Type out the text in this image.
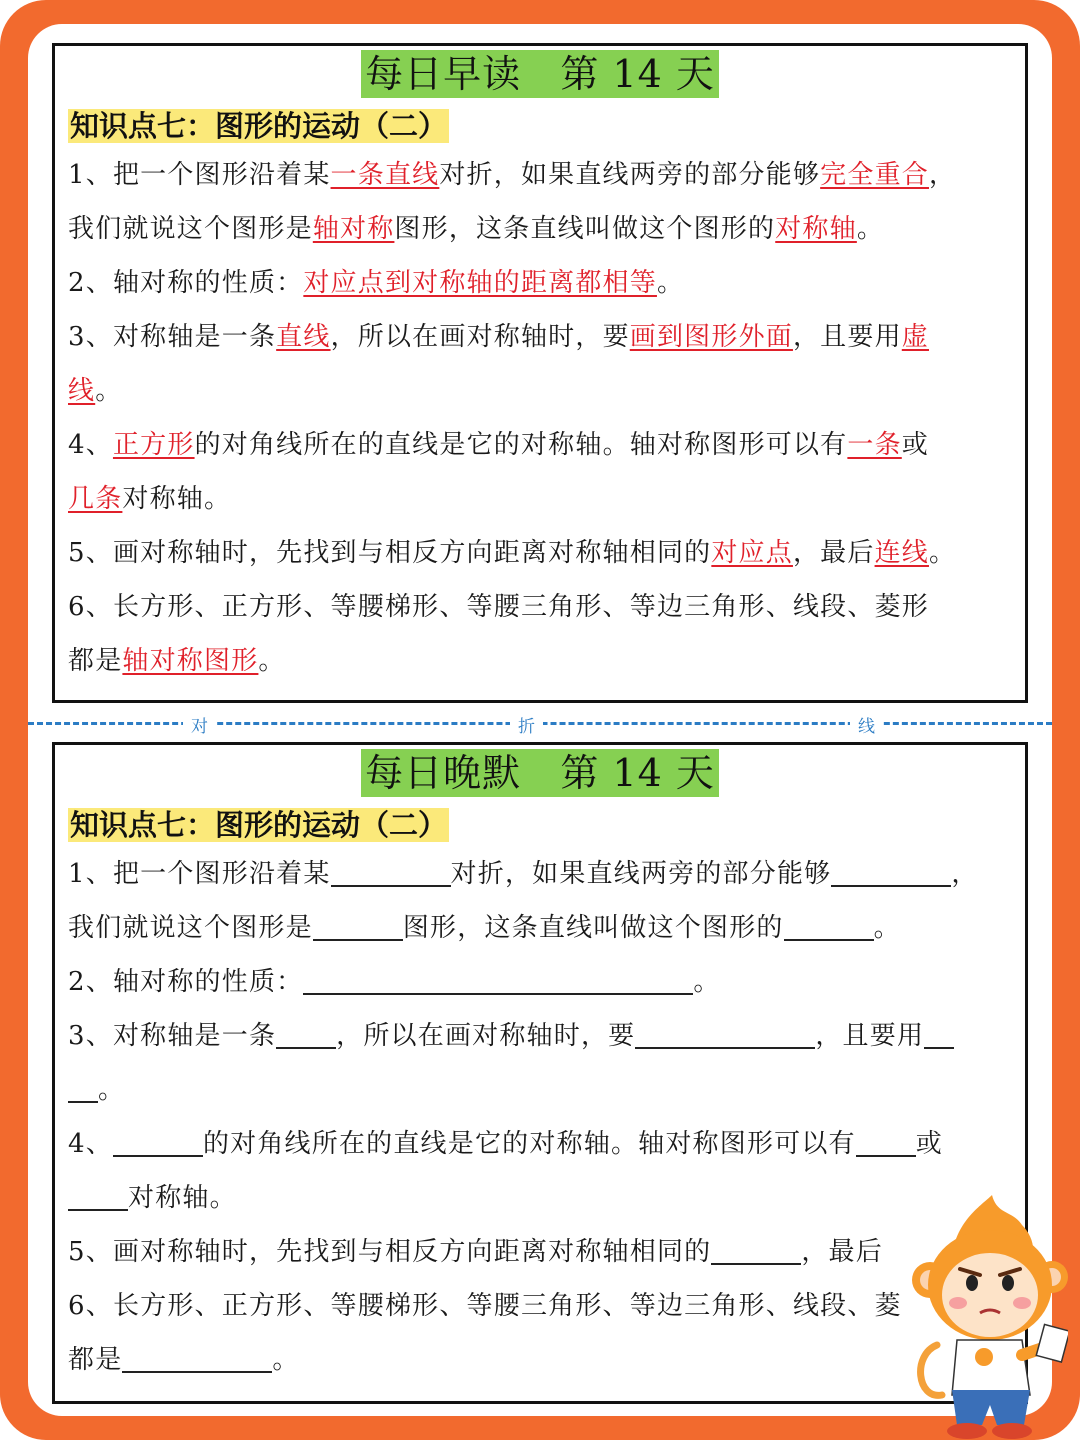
每日早读   第 14 天
知识点七：图形的运动（二）
1、把一个图形沿着某一条直线对折，如果直线两旁的部分能够完全重合，
我们就说这个图形是轴对称图形，这条直线叫做这个图形的对称轴。
2、轴对称的性质：对应点到对称轴的距离都相等。
3、对称轴是一条直线，所以在画对称轴时，要画到图形外面，且要用虚
线。
4、正方形的对角线所在的直线是它的对称轴。轴对称图形可以有一条或
几条对称轴。
5、画对称轴时，先找到与相反方向距离对称轴相同的对应点，最后连线。
6、长方形、正方形、等腰梯形、等腰三角形、等边三角形、线段、菱形
都是轴对称图形。
对	折	线
每日晚默   第 14 天
知识点七：图形的运动（二）
1、把一个图形沿着某	对折，如果直线两旁的部分能够	，
我们就说这个图形是	图形，这条直线叫做这个图形的	。
2、轴对称的性质：	。
3、对称轴是一条 ，所以在画对称轴时，要	，且要用
。
4、	的对角线所在的直线是它的对称轴。轴对称图形可以有 或
对称轴。
5、画对称轴时，先找到与相反方向距离对称轴相同的	，最后
6、长方形、正方形、等腰梯形、等腰三角形、等边三角形、线段、菱
都是	。
